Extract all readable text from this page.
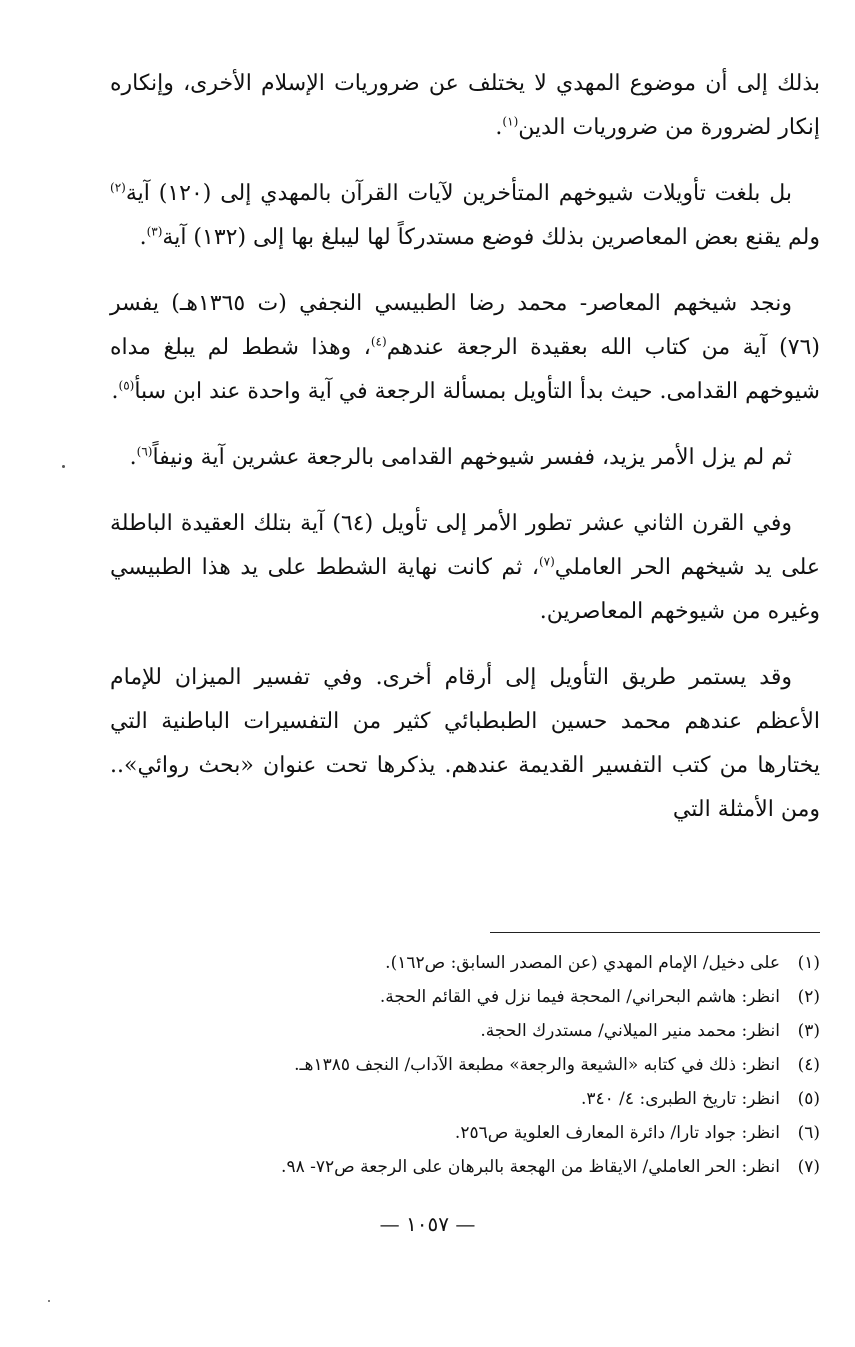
بذلك إلى أن موضوع المهدي لا يختلف عن ضروريات الإسلام الأخرى، وإنكاره إنكار لضرورة من ضروريات الدين$^{(١)}$.

بل بلغت تأويلات شيوخهم المتأخرين لآيات القرآن بالمهدي إلى (١٢٠) آية$^{(٢)}$ ولم يقنع بعض المعاصرين بذلك فوضع مستدركاً لها ليبلغ بها إلى (١٣٢) آية$^{(٣)}$.

ونجد شيخهم المعاصر- محمد رضا الطبيسي النجفي (ت ١٣٦٥هـ) يفسر (٧٦) آية من كتاب الله بعقيدة الرجعة عندهم$^{(٤)}$، وهذا شطط لم يبلغ مداه شيوخهم القدامى. حيث بدأ التأويل بمسألة الرجعة في آية واحدة عند ابن سبأ$^{(٥)}$.

ثم لم يزل الأمر يزيد، ففسر شيوخهم القدامى بالرجعة عشرين آية ونيفاً$^{(٦)}$.

وفي القرن الثاني عشر تطور الأمر إلى تأويل (٦٤) آية بتلك العقيدة الباطلة على يد شيخهم الحر العاملي$^{(٧)}$، ثم كانت نهاية الشطط على يد هذا الطبيسي وغيره من شيوخهم المعاصرين.

وقد يستمر طريق التأويل إلى أرقام أخرى. وفي تفسير الميزان للإمام الأعظم عندهم محمد حسين الطبطبائي كثير من التفسيرات الباطنية التي يختارها من كتب التفسير القديمة عندهم. يذكرها تحت عنوان «بحث روائي».. ومن الأمثلة التي

(١)
على دخيل/ الإمام المهدي (عن المصدر السابق: ص١٦٢).
(٢)
انظر: هاشم البحراني/ المحجة فيما نزل في القائم الحجة.
(٣)
انظر: محمد منير الميلاني/ مستدرك الحجة.
(٤)
انظر: ذلك في كتابه «الشيعة والرجعة» مطبعة الآداب/ النجف ١٣٨٥هـ.
(٥)
انظر: تاريخ الطبرى: ٤/ ٣٤٠.
(٦)
انظر: جواد تارا/ دائرة المعارف العلوية ص٢٥٦.
(٧)
انظر: الحر العاملي/ الايقاظ من الهجعة بالبرهان على الرجعة ص٧٢- ٩٨.
— ١٠٥٧ —
